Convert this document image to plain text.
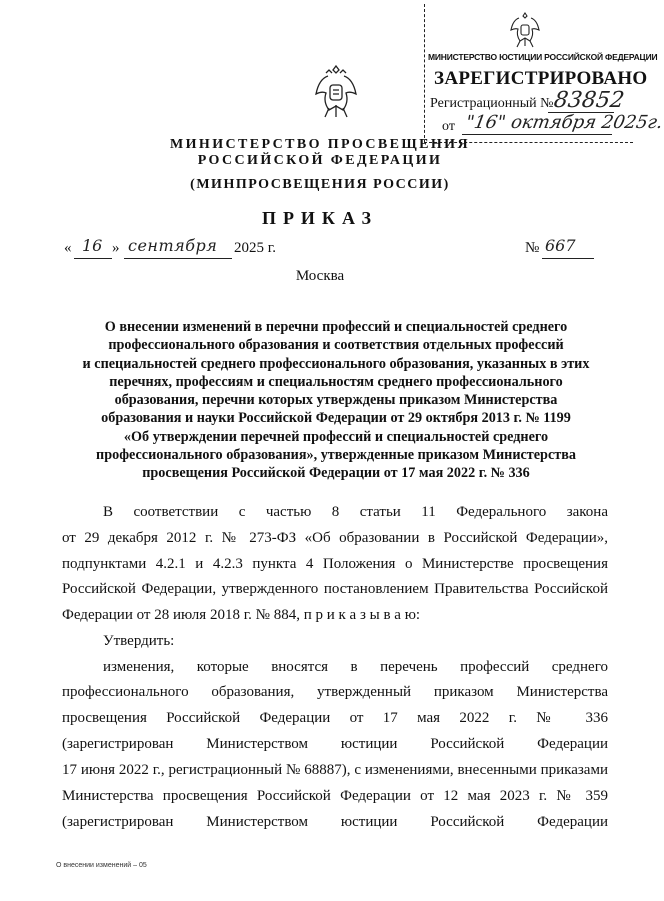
МИНИСТЕРСТВО ЮСТИЦИИ РОССИЙСКОЙ ФЕДЕРАЦИИ
ЗАРЕГИСТРИРОВАНО
Регистрационный №
83852
от "16" октября 2025г.
МИНИСТЕРСТВО ПРОСВЕЩЕНИЯ
РОССИЙСКОЙ ФЕДЕРАЦИИ
(МИНПРОСВЕЩЕНИЯ РОССИИ)
ПРИКАЗ
« 16 » сентября 2025 г.	№ 667
Москва
О внесении изменений в перечни профессий и специальностей среднего
профессионального образования и соответствия отдельных профессий
и специальностей среднего профессионального образования, указанных в этих
перечнях, профессиям и специальностям среднего профессионального
образования, перечни которых утверждены приказом Министерства
образования и науки Российской Федерации от 29 октября 2013 г. № 1199
«Об утверждении перечней профессий и специальностей среднего
профессионального образования», утвержденные приказом Министерства
просвещения Российской Федерации от 17 мая 2022 г. № 336
В соответствии с частью 8 статьи 11 Федерального закона
от 29 декабря 2012 г. № 273-ФЗ «Об образовании в Российской Федерации»,
подпунктами 4.2.1 и 4.2.3 пункта 4 Положения о Министерстве просвещения
Российской Федерации, утвержденного постановлением Правительства Российской
Федерации от 28 июля 2018 г. № 884, п р и к а з ы в а ю:
Утвердить:
изменения, которые вносятся в перечень профессий среднего
профессионального образования, утвержденный приказом Министерства
просвещения Российской Федерации от 17 мая 2022 г. № 336
(зарегистрирован Министерством юстиции Российской Федерации
17 июня 2022 г., регистрационный № 68887), с изменениями, внесенными приказами
Министерства просвещения Российской Федерации от 12 мая 2023 г. № 359
(зарегистрирован Министерством юстиции Российской Федерации
О внесении изменений – 05
